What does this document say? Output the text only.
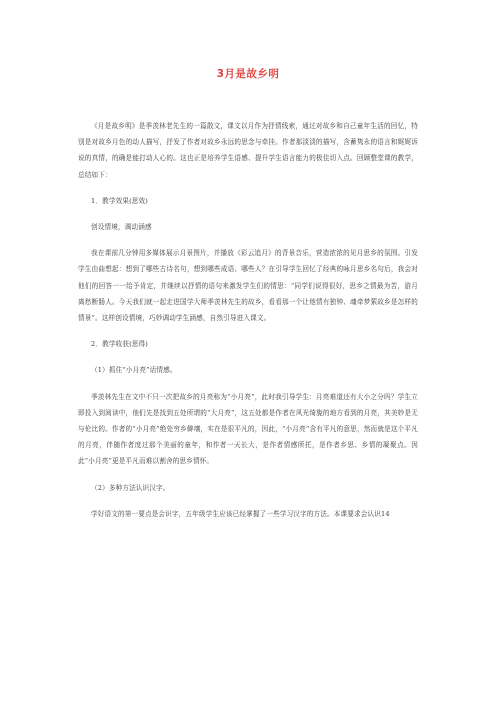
3月是故乡明

《月是故乡明》是季羡林老先生的一篇散文，课文以月作为抒情线索，通过对故乡和自己童年生活的回忆，特别是对故乡月色的动人描写，抒发了作者对故乡永远的思念与牵挂。作者那淡淡的描写，含蓄隽永的语言和娓娓诉说的真情，的确是能打动人心的。这也正是培养学生语感、提升学生语言能力的极佳切入点。回顾整堂课的教学，总结如下：

1．教学效果(思效)

创设情境，调动涵感

我在课前几分钟用多媒体展示月景图片，并播放《彩云追月》的背景音乐，营造浓浓的见月思乡的氛围。引发学生由曲想起：想到了哪些古诗名句，想到哪些成语、哪些人？在引导学生回忆了经典的咏月思乡名句后，我会对他们的回答一一给予肯定，并继续以抒情的语句来激发学生们的情思：“同学们说得很好，思乡之情最为苦，游月离愁断肠人。今天我们就一起走进国学大师季羡林先生的故乡，看看那一个让他情有独钟、魂牵梦萦故乡是怎样的情景”。这样创设情境，巧妙调动学生涵感，自然引导进入课文。

2．教学收获(思得)

（1）抓住“小月亮”话情感。

季羡林先生在文中不只一次把故乡的月亮称为“小月亮”，此时我引导学生：月亮难道还有大小之分吗？学生立即投入到阅读中，他们先是找到五处所谓的“大月亮”，这五处都是作者在风光绮旎的地方看到的月亮，其美妙是无与伦比的。作者的“小月亮”绝处穷乡僻壤，实在是很平凡的，因此，“小月亮”含有平凡的意思，然而就是这个平凡的月亮，伴随作者度过那个美丽的童年，和作者一天长大，是作者情感所托，是作者乡思、乡情的凝聚点。因此“小月亮”更是平凡而难以割舍的思乡情怀。

（2）多种方法认识汉字。

学好语文的第一要点是会识字，五年级学生应该已经掌握了一些学习汉字的方法。本课要求会认识14
